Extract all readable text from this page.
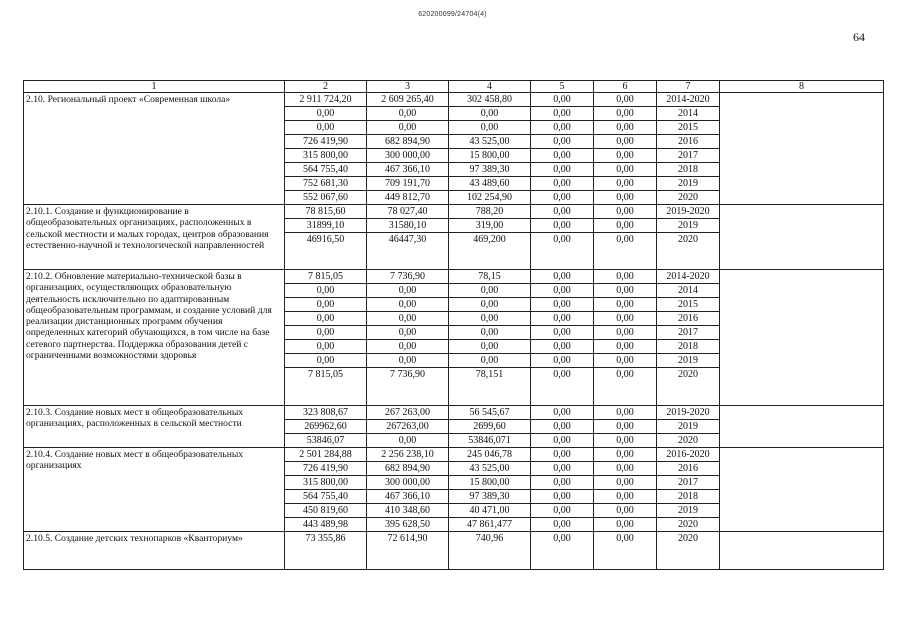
620200099/24704(4)
64
1	2	3	4	5	6	7	8
2.10. Региональный проект «Современная школа»	2 911 724,20	2 609 265,40	302 458,80	0,00	0,00	2014-2020	
	0,00	0,00	0,00	0,00	0,00	2014	
	0,00	0,00	0,00	0,00	0,00	2015	
	726 419,90	682 894,90	43 525,00	0,00	0,00	2016	
	315 800,00	300 000,00	15 800,00	0,00	0,00	2017	
	564 755,40	467 366,10	97 389,30	0,00	0,00	2018	
	752 681,30	709 191,70	43 489,60	0,00	0,00	2019	
	552 067,60	449 812,70	102 254,90	0,00	0,00	2020	
2.10.1. Создание и функционирование в общеобразовательных организациях, расположенных в сельской местности и малых городах, центров образования естественно-научной и технологической направленностей	78 815,60	78 027,40	788,20	0,00	0,00	2019-2020	
	31899,10	31580,10	319,00	0,00	0,00	2019	
	46916,50	46447,30	469,200	0,00	0,00	2020	
2.10.2. Обновление материально-технической базы в организациях, осуществляющих образовательную деятельность исключительно по адаптированным общеобразовательным программам, и создание условий для реализации дистанционных программ обучения определенных категорий обучающихся, в том числе на базе сетевого партнерства. Поддержка образования детей с ограниченными возможностями здоровья	7 815,05	7 736,90	78,15	0,00	0,00	2014-2020	
	0,00	0,00	0,00	0,00	0,00	2014	
	0,00	0,00	0,00	0,00	0,00	2015	
	0,00	0,00	0,00	0,00	0,00	2016	
	0,00	0,00	0,00	0,00	0,00	2017	
	0,00	0,00	0,00	0,00	0,00	2018	
	0,00	0,00	0,00	0,00	0,00	2019	
	7 815,05	7 736,90	78,151	0,00	0,00	2020	
2.10.3. Создание новых мест в общеобразовательных организациях, расположенных в сельской местности	323 808,67	267 263,00	56 545,67	0,00	0,00	2019-2020	
	269962,60	267263,00	2699,60	0,00	0,00	2019	
	53846,07	0,00	53846,071	0,00	0,00	2020	
2.10.4. Создание новых мест в общеобразовательных организациях	2 501 284,88	2 256 238,10	245 046,78	0,00	0,00	2016-2020	
	726 419,90	682 894,90	43 525,00	0,00	0,00	2016	
	315 800,00	300 000,00	15 800,00	0,00	0,00	2017	
	564 755,40	467 366,10	97 389,30	0,00	0,00	2018	
	450 819,60	410 348,60	40 471,00	0,00	0,00	2019	
	443 489,98	395 628,50	47 861,477	0,00	0,00	2020	
2.10.5. Создание детских технопарков «Кванториум»	73 355,86	72 614,90	740,96	0,00	0,00	2020	
